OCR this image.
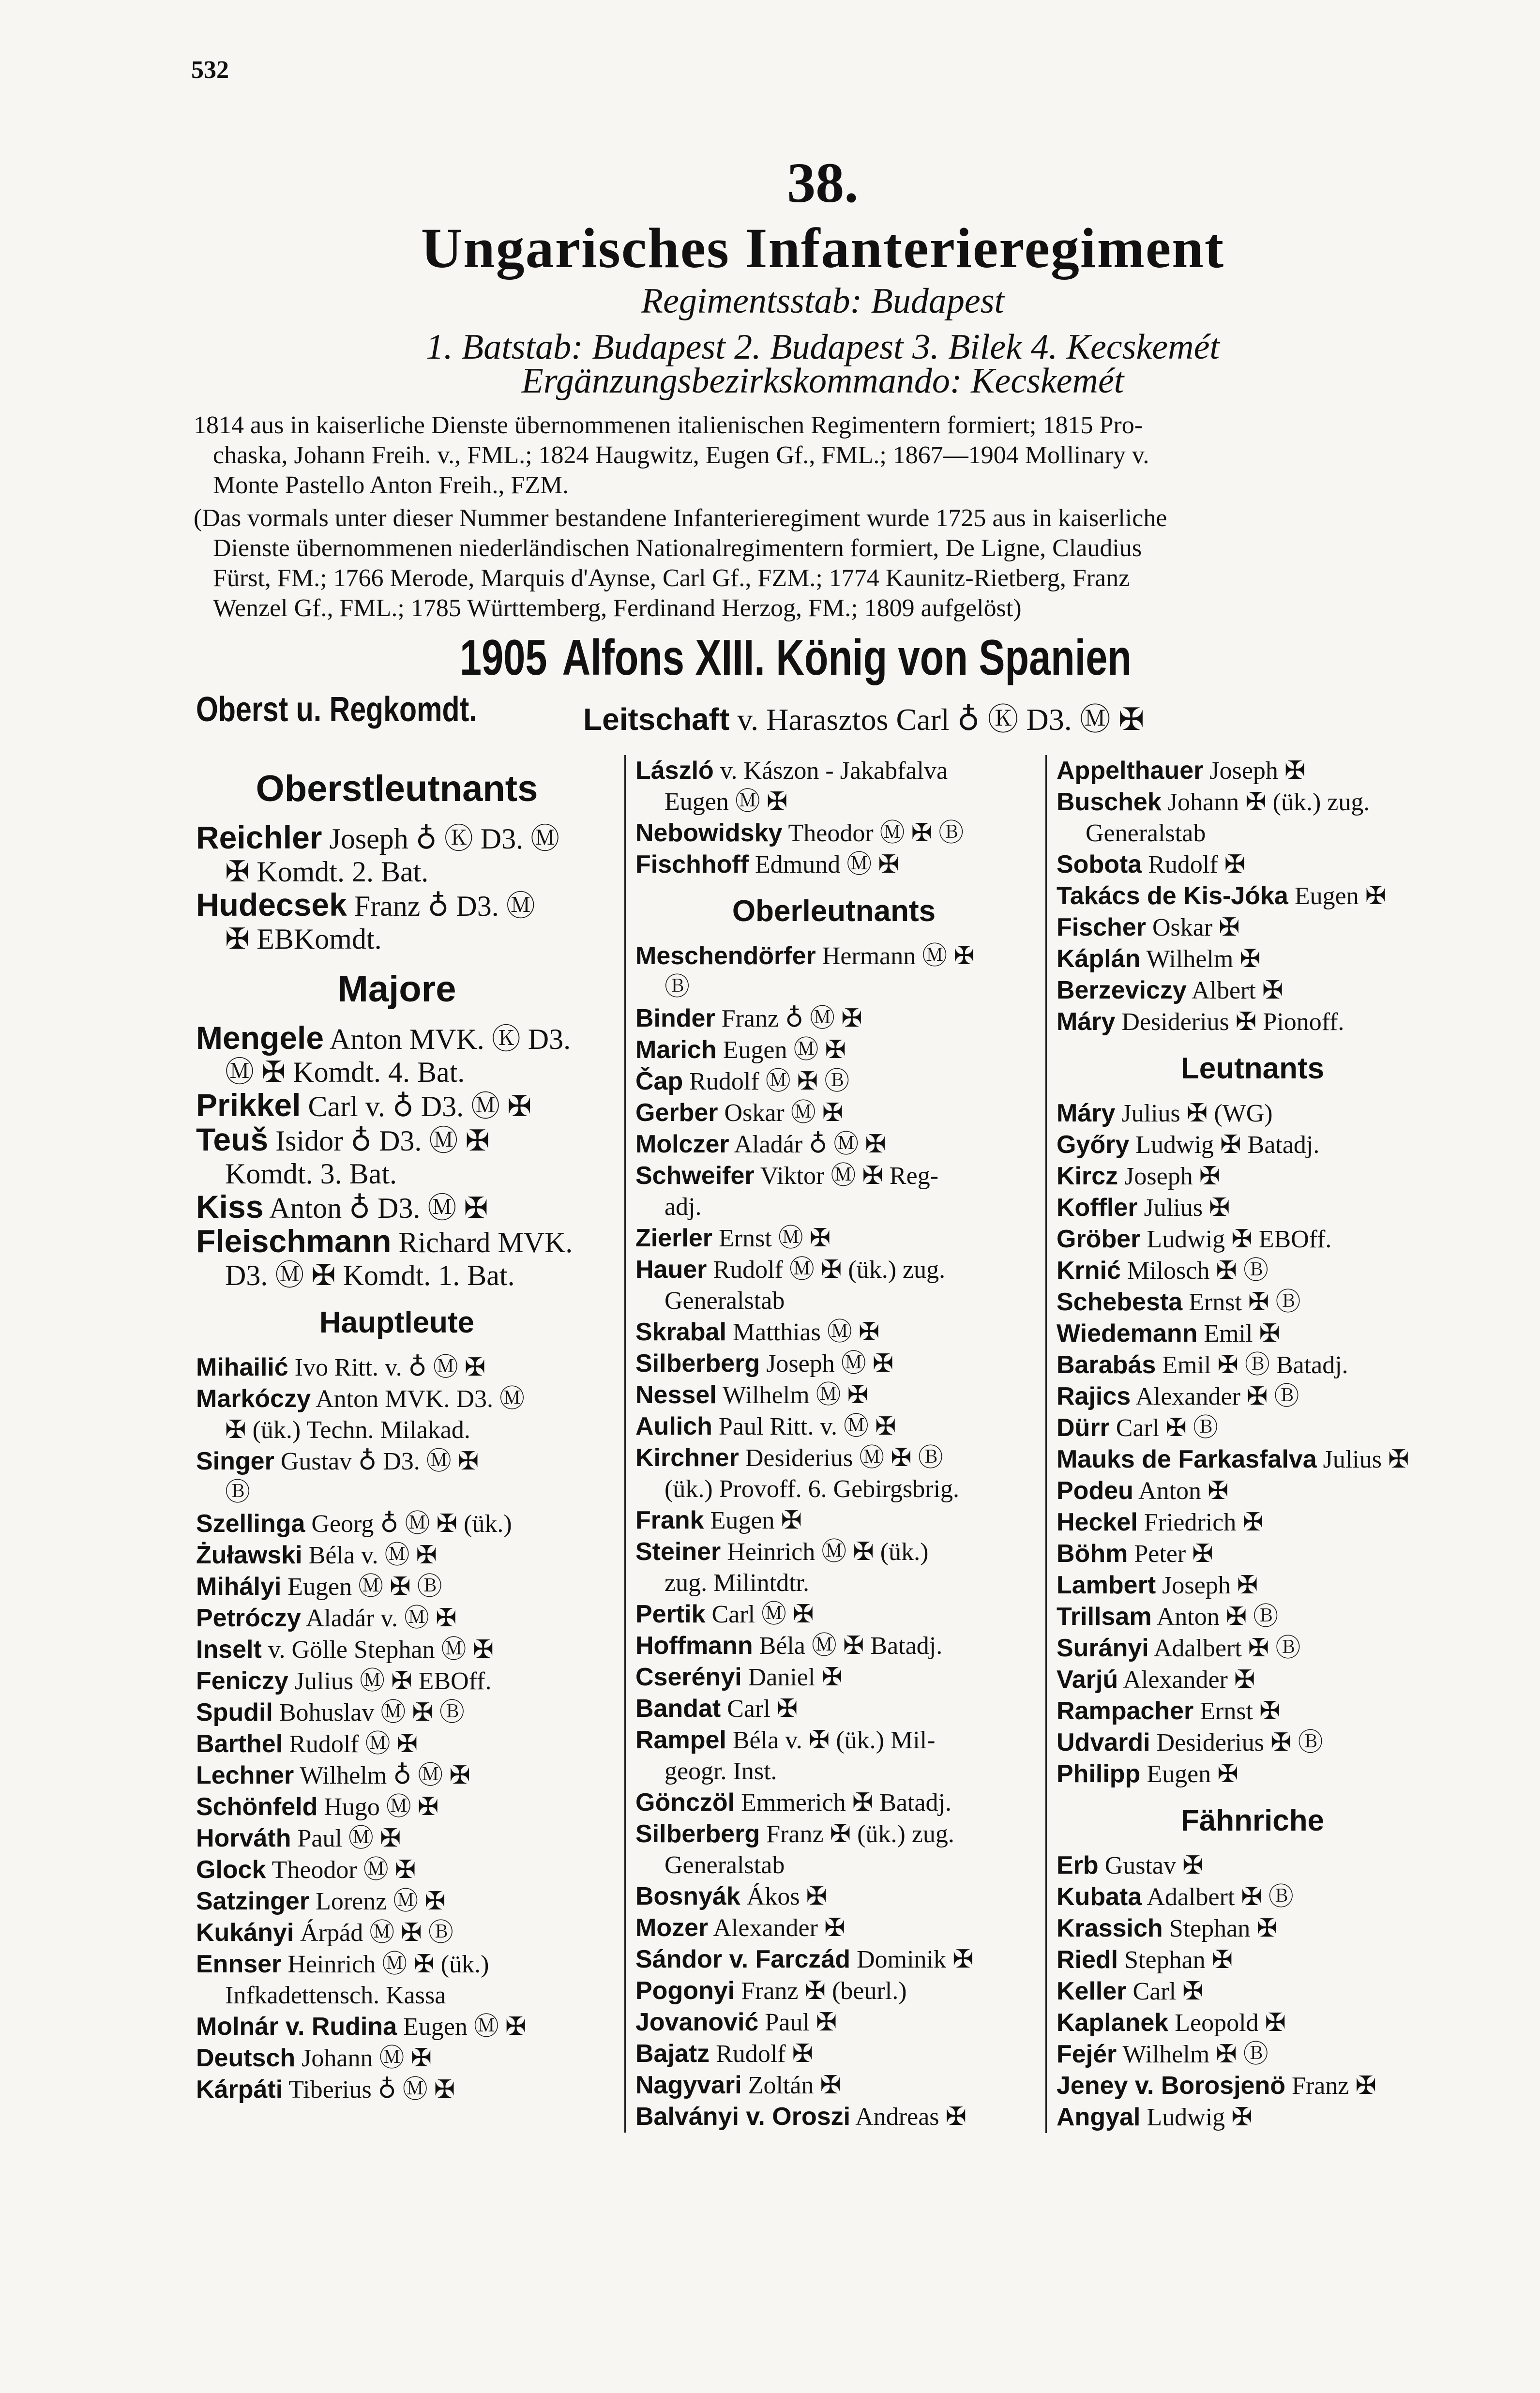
532
38.
Ungarisches Infanterieregiment
Regimentsstab: Budapest
1. Batstab: Budapest 2. Budapest 3. Bilek 4. Kecskemét
Ergänzungsbezirkskommando: Kecskemét
1814 aus in kaiserliche Dienste übernommenen italienischen Regimentern formiert; 1815 Pro-
chaska, Johann Freih. v., FML.; 1824 Haugwitz, Eugen Gf., FML.; 1867—1904 Mollinary v.
Monte Pastello Anton Freih., FZM.
(Das vormals unter dieser Nummer bestandene Infanterieregiment wurde 1725 aus in kaiserliche
Dienste übernommenen niederländischen Nationalregimentern formiert, De Ligne, Claudius
Fürst, FM.; 1766 Merode, Marquis d'Aynse, Carl Gf., FZM.; 1774 Kaunitz-Rietberg, Franz
Wenzel Gf., FML.; 1785 Württemberg, Ferdinand Herzog, FM.; 1809 aufgelöst)
1905 Alfons XIII. König von Spanien
Oberst u. Regkomdt.	Leitschaft v. Harasztos Carl ♁ Ⓚ D3. Ⓜ ✠
Oberstleutnants
Reichler Joseph ♁ Ⓚ D3. Ⓜ
✠ Komdt. 2. Bat.
Hudecsek Franz ♁ D3. Ⓜ
✠ EBKomdt.
Majore
Mengele Anton MVK. Ⓚ D3.
Ⓜ ✠ Komdt. 4. Bat.
Prikkel Carl v. ♁ D3. Ⓜ ✠
Teuš Isidor ♁ D3. Ⓜ ✠
Komdt. 3. Bat.
Kiss Anton ♁ D3. Ⓜ ✠
Fleischmann Richard MVK.
D3. Ⓜ ✠ Komdt. 1. Bat.
Hauptleute
Mihailić Ivo Ritt. v. ♁ Ⓜ ✠
Markóczy Anton MVK. D3. Ⓜ
✠ (ük.) Techn. Milakad.
Singer Gustav ♁ D3. Ⓜ ✠
Ⓑ
Szellinga Georg ♁ Ⓜ ✠ (ük.)
Żuławski Béla v. Ⓜ ✠
Mihályi Eugen Ⓜ ✠ Ⓑ
Petróczy Aladár v. Ⓜ ✠
Inselt v. Gölle Stephan Ⓜ ✠
Feniczy Julius Ⓜ ✠ EBOff.
Spudil Bohuslav Ⓜ ✠ Ⓑ
Barthel Rudolf Ⓜ ✠
Lechner Wilhelm ♁ Ⓜ ✠
Schönfeld Hugo Ⓜ ✠
Horváth Paul Ⓜ ✠
Glock Theodor Ⓜ ✠
Satzinger Lorenz Ⓜ ✠
Kukányi Árpád Ⓜ ✠ Ⓑ
Ennser Heinrich Ⓜ ✠ (ük.)
Infkadettensch. Kassa
Molnár v. Rudina Eugen Ⓜ ✠
Deutsch Johann Ⓜ ✠
Kárpáti Tiberius ♁ Ⓜ ✠
László v. Kászon - Jakabfalva
Eugen Ⓜ ✠
Nebowidsky Theodor Ⓜ ✠ Ⓑ
Fischhoff Edmund Ⓜ ✠
Oberleutnants
Meschendörfer Hermann Ⓜ ✠
Ⓑ
Binder Franz ♁ Ⓜ ✠
Marich Eugen Ⓜ ✠
Čap Rudolf Ⓜ ✠ Ⓑ
Gerber Oskar Ⓜ ✠
Molczer Aladár ♁ Ⓜ ✠
Schweifer Viktor Ⓜ ✠ Reg-
adj.
Zierler Ernst Ⓜ ✠
Hauer Rudolf Ⓜ ✠ (ük.) zug.
Generalstab
Skrabal Matthias Ⓜ ✠
Silberberg Joseph Ⓜ ✠
Nessel Wilhelm Ⓜ ✠
Aulich Paul Ritt. v. Ⓜ ✠
Kirchner Desiderius Ⓜ ✠ Ⓑ
(ük.) Provoff. 6. Gebirgsbrig.
Frank Eugen ✠
Steiner Heinrich Ⓜ ✠ (ük.)
zug. Milintdtr.
Pertik Carl Ⓜ ✠
Hoffmann Béla Ⓜ ✠ Batadj.
Cserényi Daniel ✠
Bandat Carl ✠
Rampel Béla v. ✠ (ük.) Mil-
geogr. Inst.
Gönczöl Emmerich ✠ Batadj.
Silberberg Franz ✠ (ük.) zug.
Generalstab
Bosnyák Ákos ✠
Mozer Alexander ✠
Sándor v. Farczád Dominik ✠
Pogonyi Franz ✠ (beurl.)
Jovanović Paul ✠
Bajatz Rudolf ✠
Nagyvari Zoltán ✠
Balványi v. Oroszi Andreas ✠
Appelthauer Joseph ✠
Buschek Johann ✠ (ük.) zug.
Generalstab
Sobota Rudolf ✠
Takács de Kis-Jóka Eugen ✠
Fischer Oskar ✠
Káplán Wilhelm ✠
Berzeviczy Albert ✠
Máry Desiderius ✠ Pionoff.
Leutnants
Máry Julius ✠ (WG)
Győry Ludwig ✠ Batadj.
Kircz Joseph ✠
Koffler Julius ✠
Gröber Ludwig ✠ EBOff.
Krnić Milosch ✠ Ⓑ
Schebesta Ernst ✠ Ⓑ
Wiedemann Emil ✠
Barabás Emil ✠ Ⓑ Batadj.
Rajics Alexander ✠ Ⓑ
Dürr Carl ✠ Ⓑ
Mauks de Farkasfalva Julius ✠
Podeu Anton ✠
Heckel Friedrich ✠
Böhm Peter ✠
Lambert Joseph ✠
Trillsam Anton ✠ Ⓑ
Surányi Adalbert ✠ Ⓑ
Varjú Alexander ✠
Rampacher Ernst ✠
Udvardi Desiderius ✠ Ⓑ
Philipp Eugen ✠
Fähnriche
Erb Gustav ✠
Kubata Adalbert ✠ Ⓑ
Krassich Stephan ✠
Riedl Stephan ✠
Keller Carl ✠
Kaplanek Leopold ✠
Fejér Wilhelm ✠ Ⓑ
Jeney v. Borosjenö Franz ✠
Angyal Ludwig ✠
